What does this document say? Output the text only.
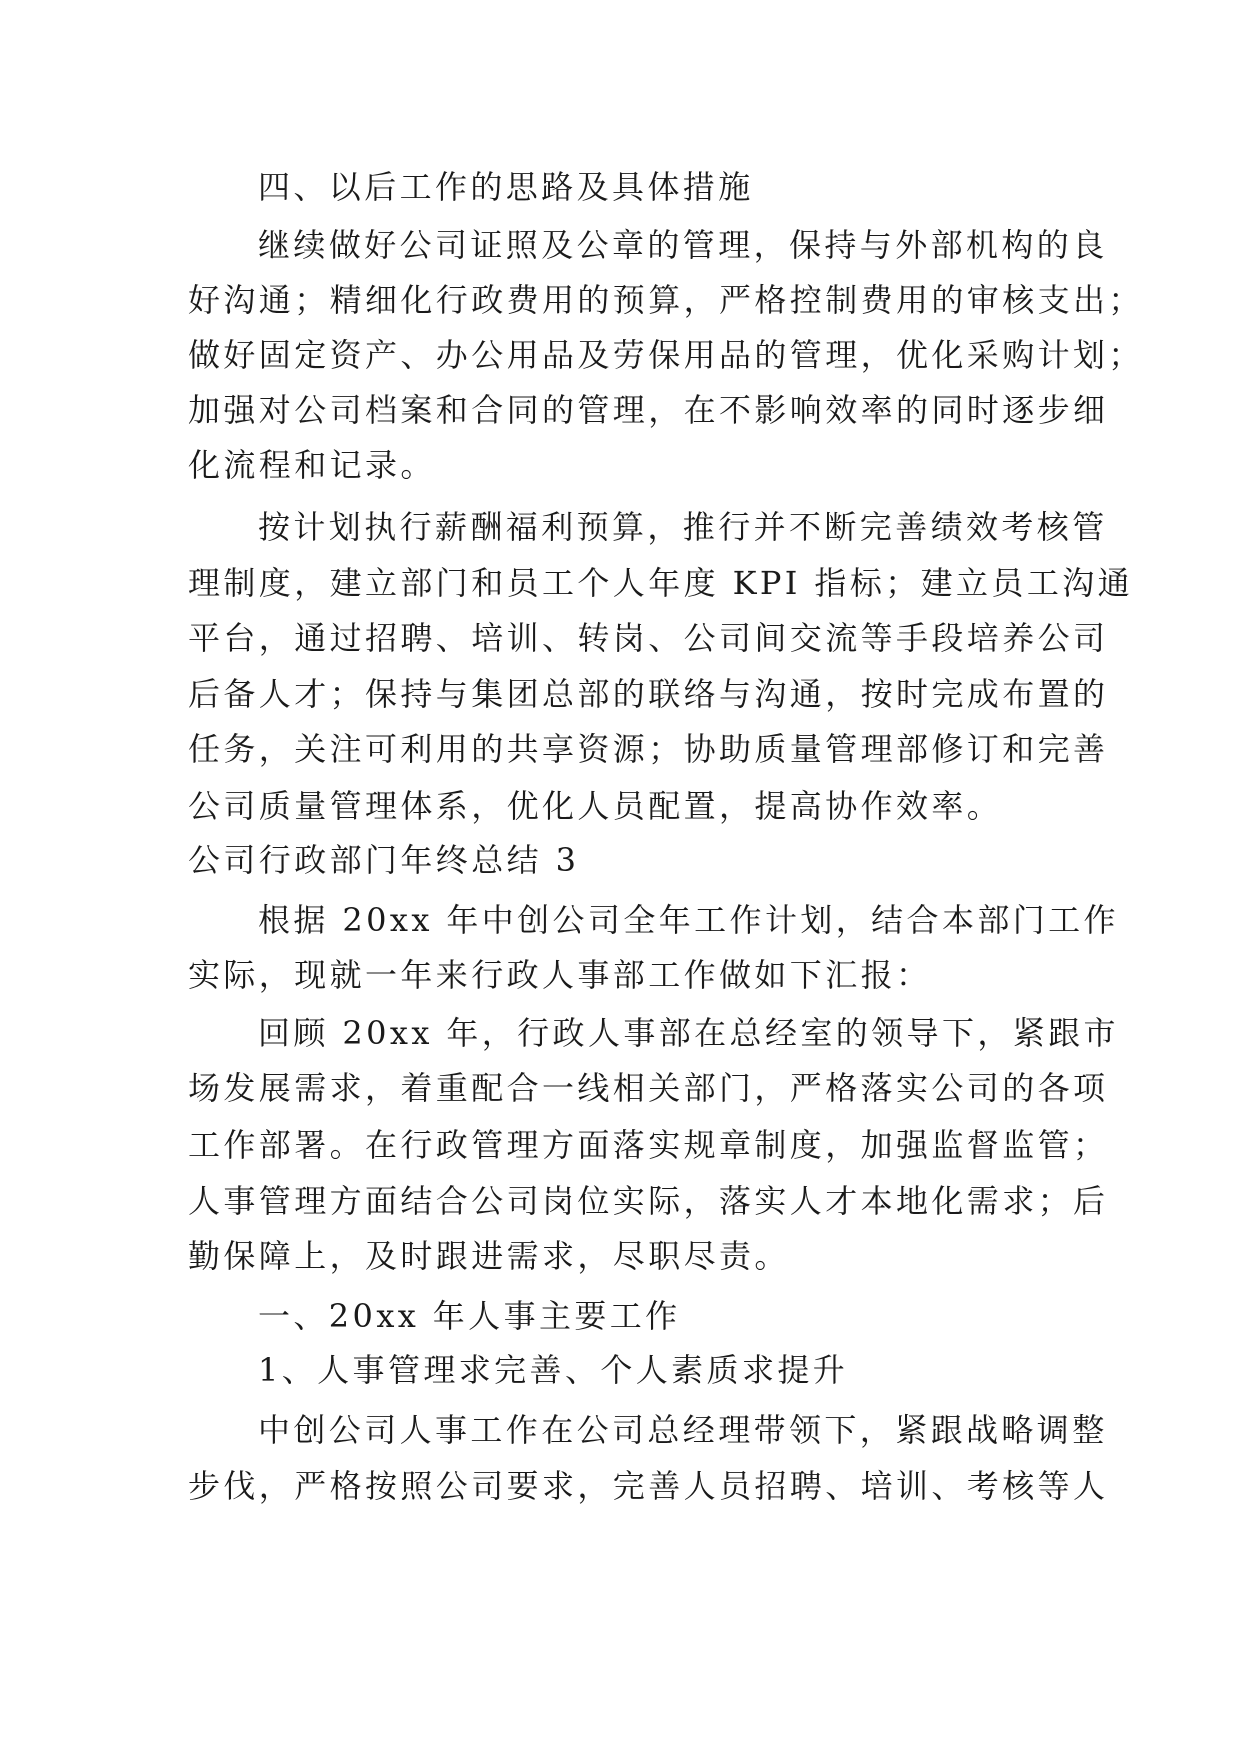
四、以后工作的思路及具体措施
继续做好公司证照及公章的管理，保持与外部机构的良
好沟通；精细化行政费用的预算，严格控制费用的审核支出；
做好固定资产、办公用品及劳保用品的管理，优化采购计划；
加强对公司档案和合同的管理，在不影响效率的同时逐步细
化流程和记录。
按计划执行薪酬福利预算，推行并不断完善绩效考核管
理制度，建立部门和员工个人年度 KPI 指标；建立员工沟通
平台，通过招聘、培训、转岗、公司间交流等手段培养公司
后备人才；保持与集团总部的联络与沟通，按时完成布置的
任务，关注可利用的共享资源；协助质量管理部修订和完善
公司质量管理体系，优化人员配置，提高协作效率。
公司行政部门年终总结 3
根据 20xx 年中创公司全年工作计划，结合本部门工作
实际，现就一年来行政人事部工作做如下汇报：
回顾 20xx 年，行政人事部在总经室的领导下，紧跟市
场发展需求，着重配合一线相关部门，严格落实公司的各项
工作部署。在行政管理方面落实规章制度，加强监督监管；
人事管理方面结合公司岗位实际，落实人才本地化需求；后
勤保障上，及时跟进需求，尽职尽责。
一、20xx 年人事主要工作
1、人事管理求完善、个人素质求提升
中创公司人事工作在公司总经理带领下，紧跟战略调整
步伐，严格按照公司要求，完善人员招聘、培训、考核等人
